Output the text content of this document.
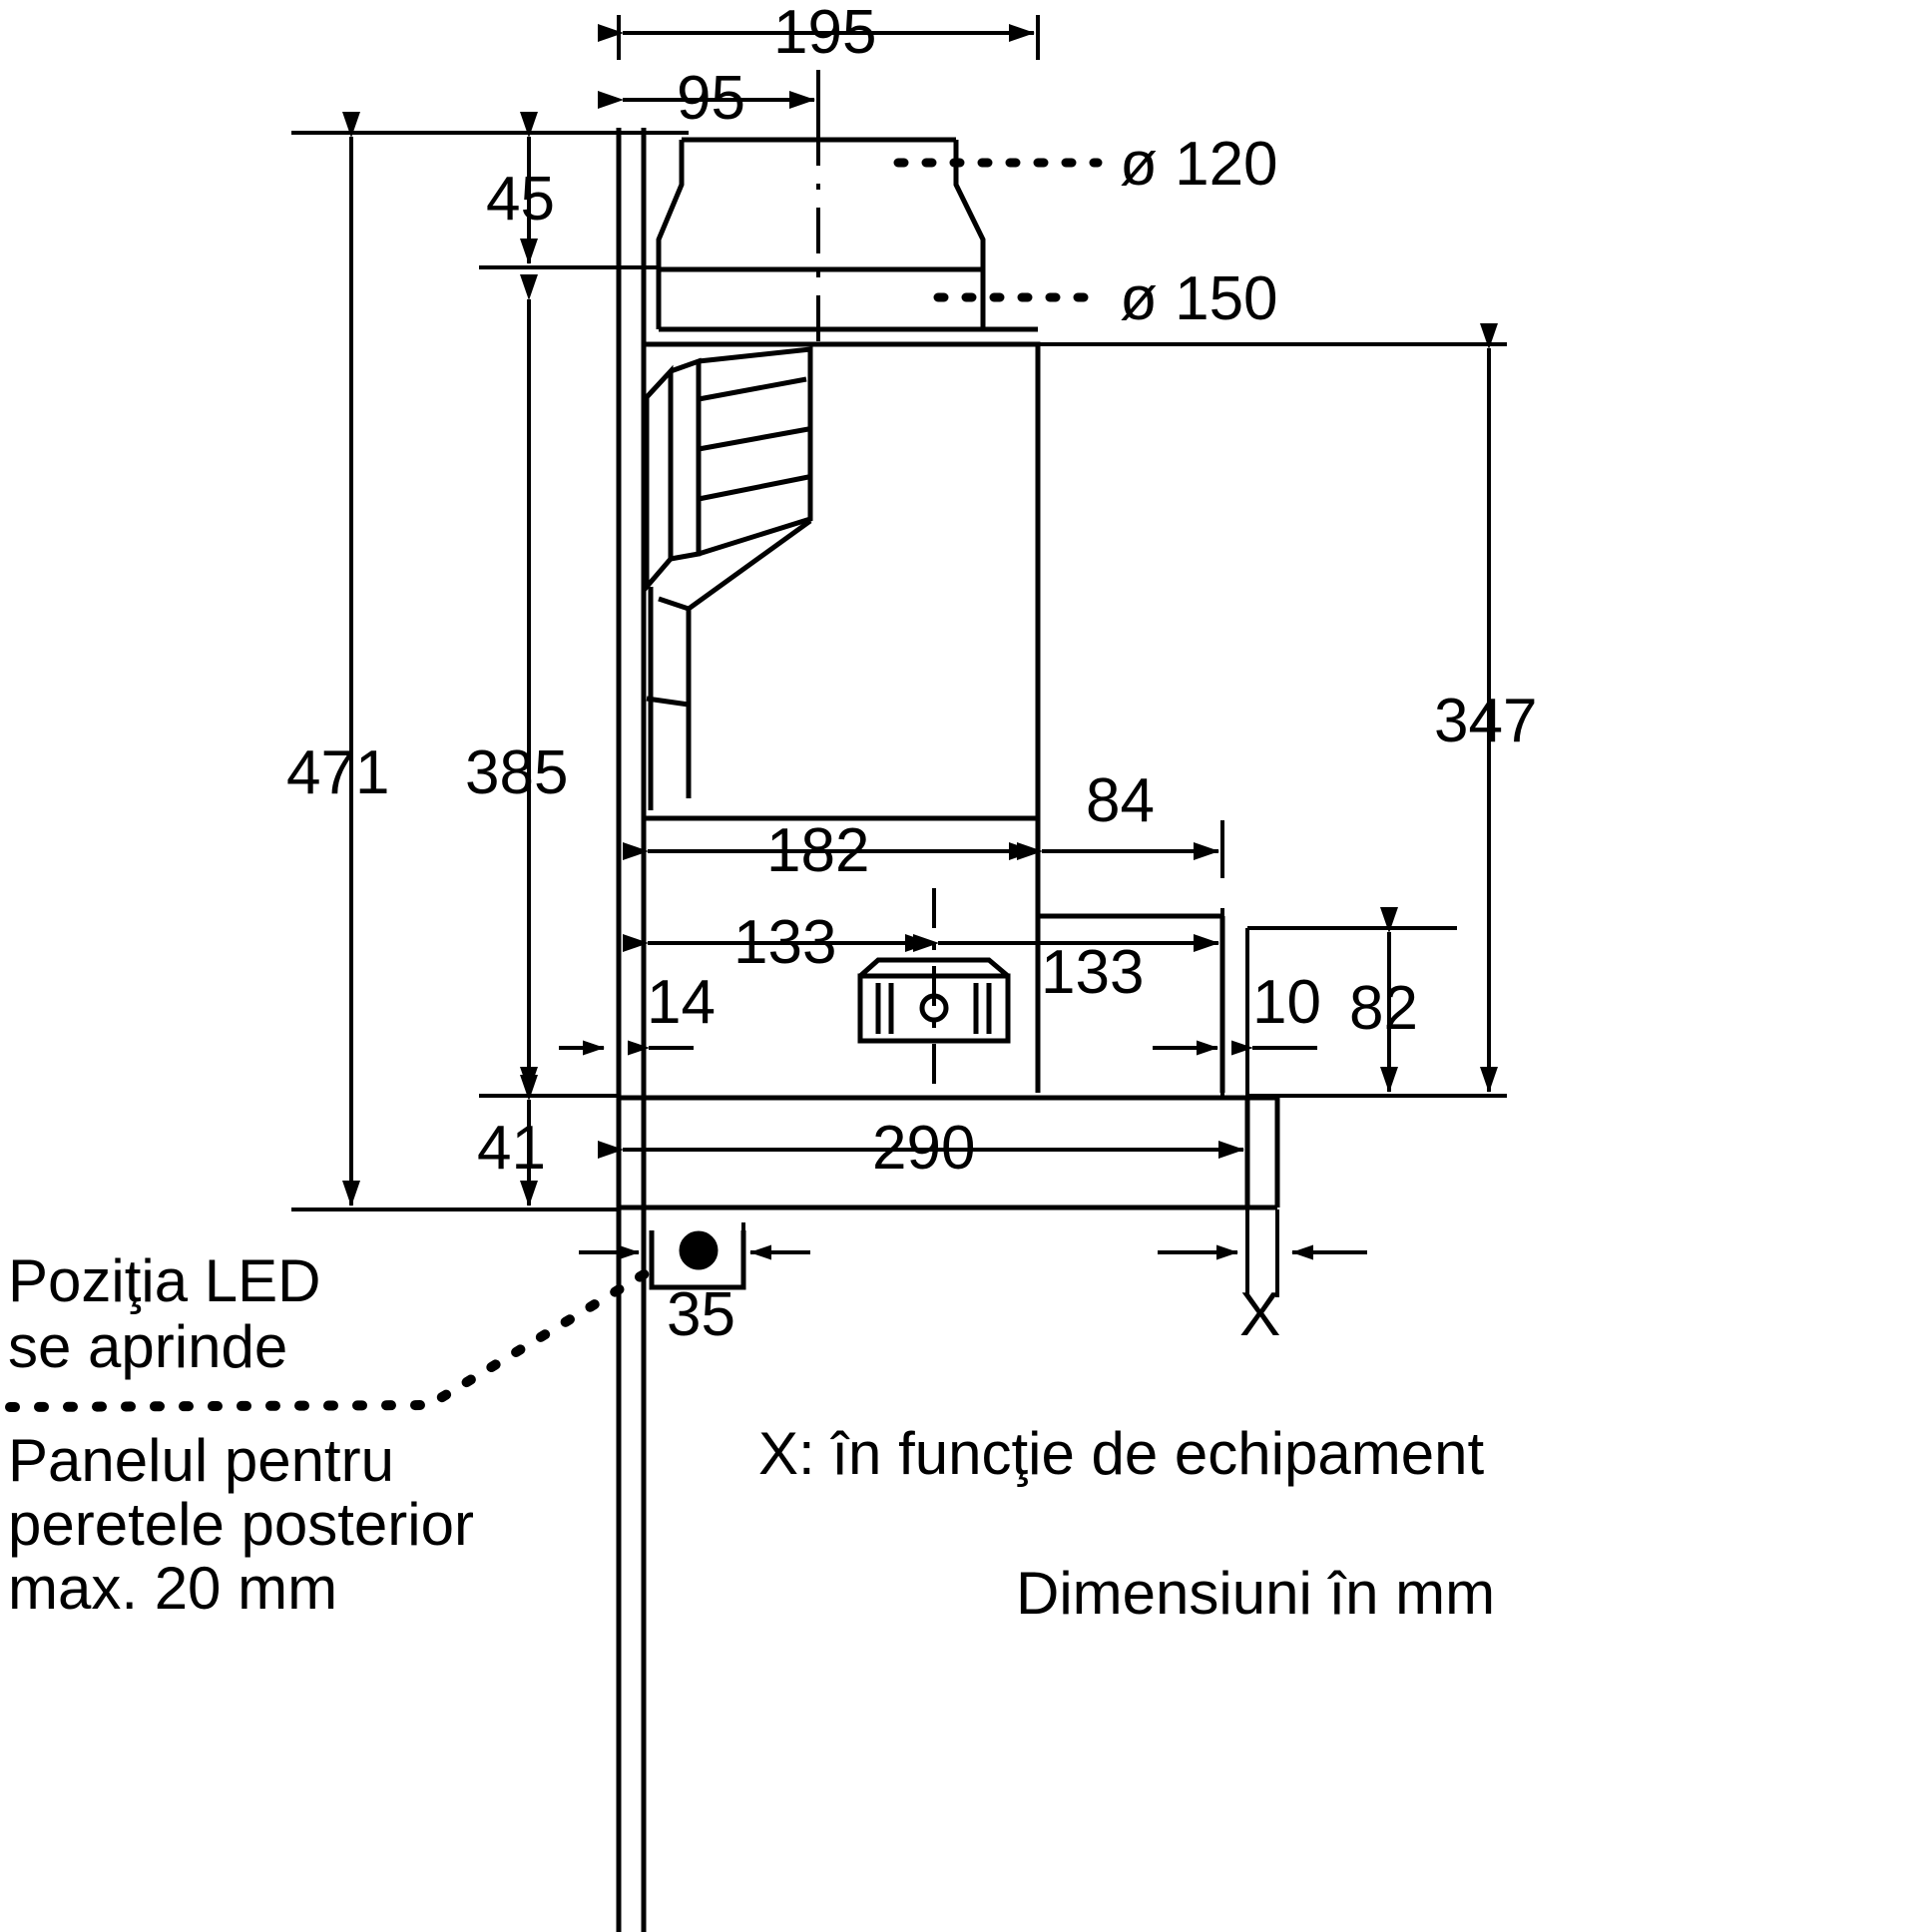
195
95
45
471 385
347
84
182
133	133
14	10 82
41	290
35
ø 120
ø 150
X
Poziţia LED
se aprinde
Panelul pentru
peretele posterior
max. 20 mm
X: în funcţie de echipament
Dimensiuni în mm
